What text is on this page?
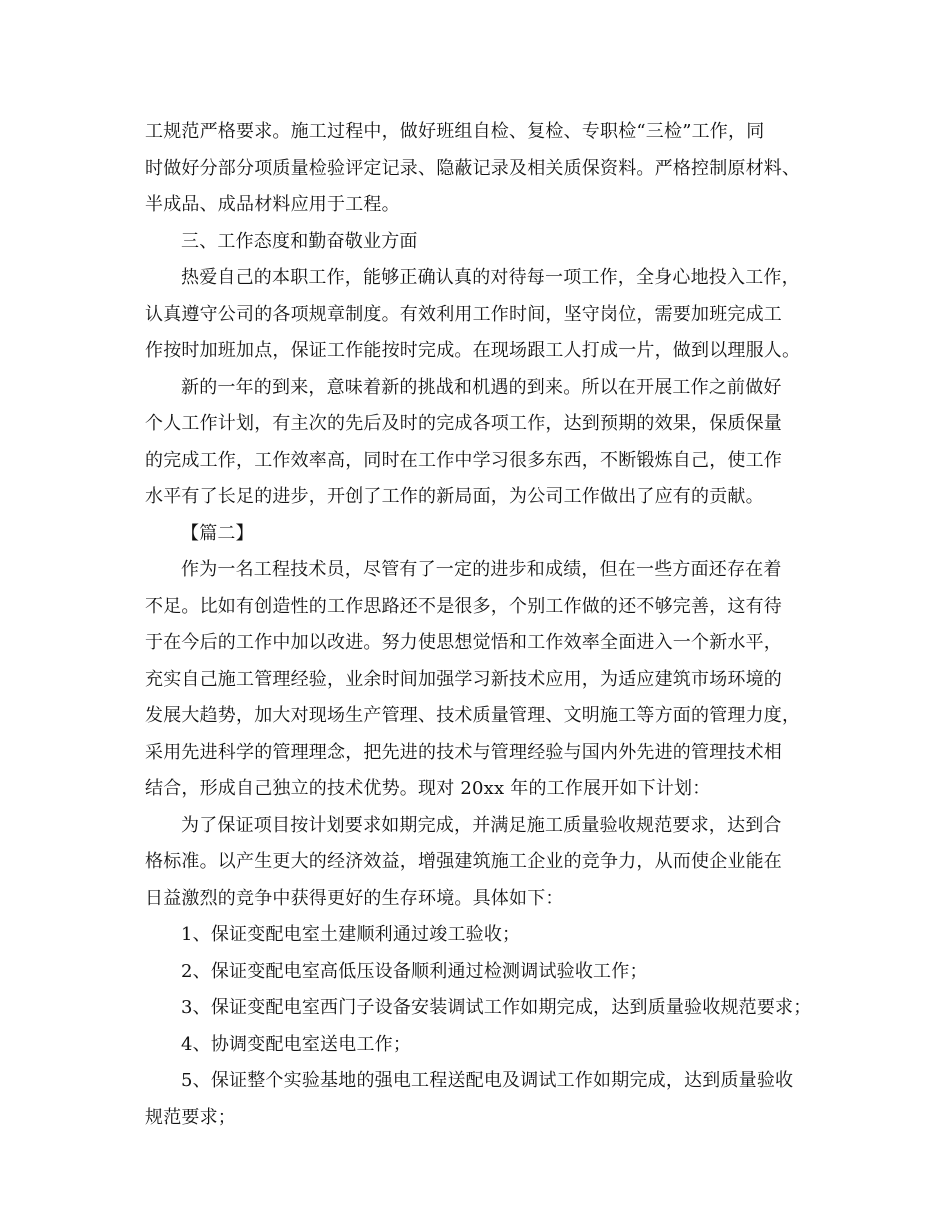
工规范严格要求。施工过程中，做好班组自检、复检、专职检“三检”工作，同
时做好分部分项质量检验评定记录、隐蔽记录及相关质保资料。严格控制原材料、
半成品、成品材料应用于工程。
三、工作态度和勤奋敬业方面
热爱自己的本职工作，能够正确认真的对待每一项工作，全身心地投入工作，
认真遵守公司的各项规章制度。有效利用工作时间，坚守岗位，需要加班完成工
作按时加班加点，保证工作能按时完成。在现场跟工人打成一片，做到以理服人。
新的一年的到来，意味着新的挑战和机遇的到来。所以在开展工作之前做好
个人工作计划，有主次的先后及时的完成各项工作，达到预期的效果，保质保量
的完成工作，工作效率高，同时在工作中学习很多东西，不断锻炼自己，使工作
水平有了长足的进步，开创了工作的新局面，为公司工作做出了应有的贡献。
【篇二】
作为一名工程技术员，尽管有了一定的进步和成绩，但在一些方面还存在着
不足。比如有创造性的工作思路还不是很多，个别工作做的还不够完善，这有待
于在今后的工作中加以改进。努力使思想觉悟和工作效率全面进入一个新水平，
充实自己施工管理经验，业余时间加强学习新技术应用，为适应建筑市场环境的
发展大趋势，加大对现场生产管理、技术质量管理、文明施工等方面的管理力度，
采用先进科学的管理理念，把先进的技术与管理经验与国内外先进的管理技术相
结合，形成自己独立的技术优势。现对 20xx 年的工作展开如下计划：
为了保证项目按计划要求如期完成，并满足施工质量验收规范要求，达到合
格标准。以产生更大的经济效益，增强建筑施工企业的竞争力，从而使企业能在
日益激烈的竞争中获得更好的生存环境。具体如下：
1、保证变配电室土建顺利通过竣工验收；
2、保证变配电室高低压设备顺利通过检测调试验收工作；
3、保证变配电室西门子设备安装调试工作如期完成，达到质量验收规范要求；
4、协调变配电室送电工作；
5、保证整个实验基地的强电工程送配电及调试工作如期完成，达到质量验收
规范要求；
